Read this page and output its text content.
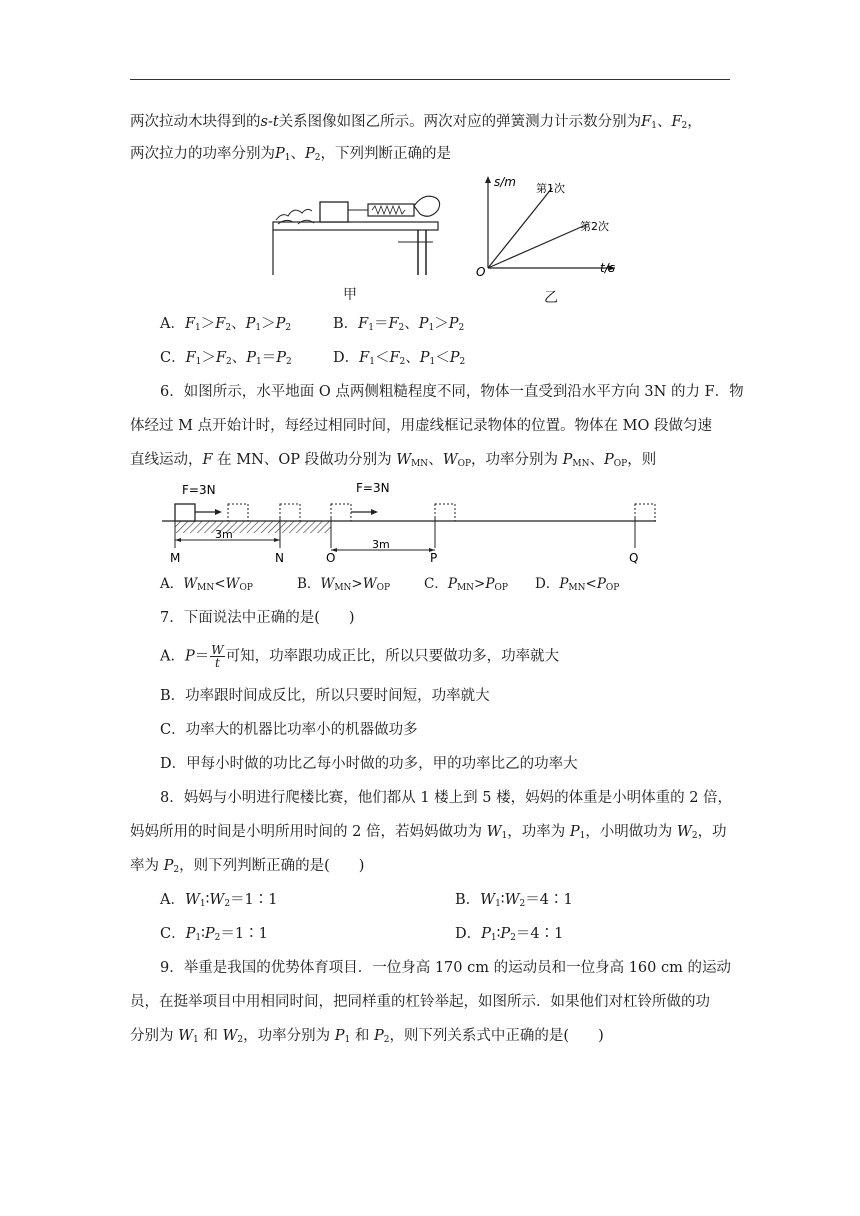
两次拉动木块得到的s-t关系图像如图乙所示。两次对应的弹簧测力计示数分别为$F_1$、$F_2$，
两次拉力的功率分别为$P_1$、$P_2$，下列判断正确的是
甲
s/m
t/s
O
第1次
第2次
乙
A．$F_1>F_2$、$P_1>P_2$	B．$F_1=F_2$、$P_1>P_2$
C．$F_1>F_2$、$P_1=P_2$	D．$F_1<F_2$、$P_1<P_2$
6．如图所示，水平地面 O 点两侧粗糙程度不同，物体一直受到沿水平方向 3N 的力 F．物
体经过 M 点开始计时，每经过相同时间，用虚线框记录物体的位置。物体在 MO 段做匀速
直线运动，F 在 MN、OP 段做功分别为 $W_{MN}$、$W_{OP}$，功率分别为 $P_{MN}$、$P_{OP}$，则
F=3N	F=3N
3m
3m
M	N	O	P	Q
A．$W_{MN}<W_{OP}$	B．$W_{MN}>W_{OP}$	C．$P_{MN}>P_{OP}$ D．$P_{MN}<P_{OP}$
7．下面说法中正确的是(　　)
A．$P= \frac{W}{t}$ 可知，功率跟功成正比，所以只要做功多，功率就大
B．功率跟时间成反比，所以只要时间短，功率就大
C．功率大的机器比功率小的机器做功多
D．甲每小时做的功比乙每小时做的功多，甲的功率比乙的功率大
8．妈妈与小明进行爬楼比赛，他们都从 1 楼上到 5 楼，妈妈的体重是小明体重的 2 倍，
妈妈所用的时间是小明所用时间的 2 倍，若妈妈做功为 $W_1$，功率为 $P_1$，小明做功为 $W_2$，功
率为 $P_2$，则下列判断正确的是(　　)
A．$W_1∶W_2=1∶1$	B．$W_1∶W_2=4∶1$
C．$P_1∶P_2=1∶1$	D．$P_1∶P_2=4∶1$
9．举重是我国的优势体育项目．一位身高 170 cm 的运动员和一位身高 160 cm 的运动
员，在挺举项目中用相同时间，把同样重的杠铃举起，如图所示．如果他们对杠铃所做的功
分别为 $W_1$ 和 $W_2$，功率分别为 $P_1$ 和 $P_2$，则下列关系式中正确的是(　　)
